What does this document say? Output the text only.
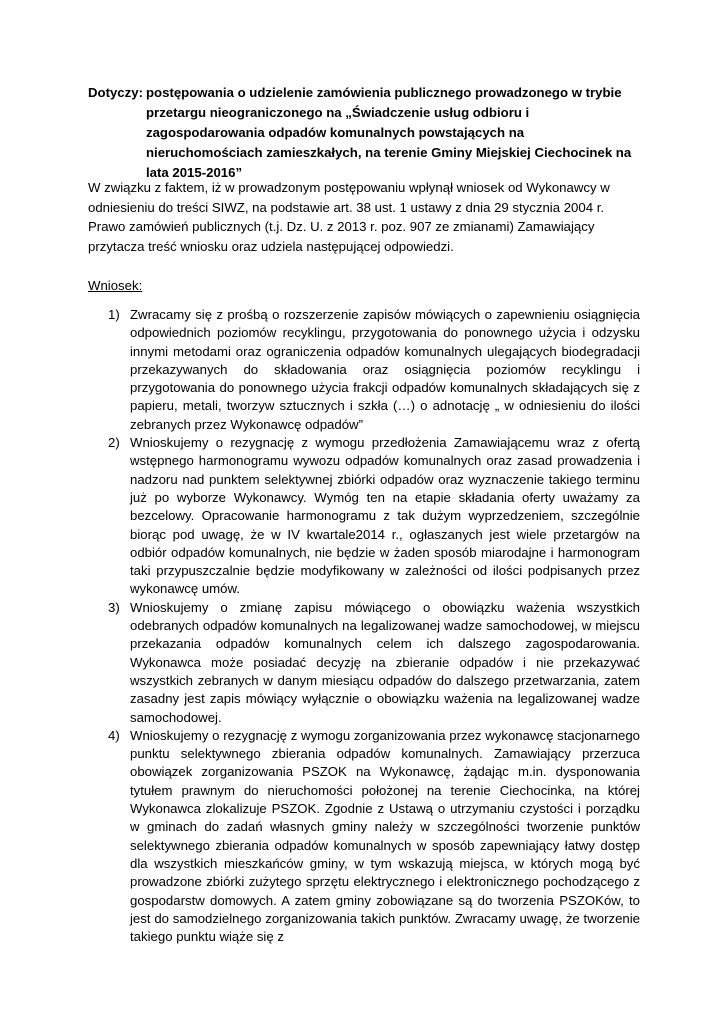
Dotyczy: postępowania o udzielenie zamówienia publicznego prowadzonego w trybie przetargu nieograniczonego na „Świadczenie usług odbioru i zagospodarowania odpadów komunalnych powstających na nieruchomościach zamieszkałych, na terenie Gminy Miejskiej Ciechocinek na lata 2015-2016”
W związku z faktem, iż w prowadzonym postępowaniu wpłynął wniosek od Wykonawcy w odniesieniu do treści SIWZ, na podstawie art. 38 ust. 1 ustawy z dnia 29 stycznia 2004 r. Prawo zamówień publicznych (t.j. Dz. U. z 2013 r. poz. 907 ze zmianami) Zamawiający przytacza treść wniosku oraz udziela następującej odpowiedzi.
Wniosek:
1) Zwracamy się z prośbą o rozszerzenie zapisów mówiących o zapewnieniu osiągnięcia odpowiednich poziomów recyklingu, przygotowania do ponownego użycia i odzysku innymi metodami oraz ograniczenia odpadów komunalnych ulegających biodegradacji przekazywanych do składowania oraz osiągnięcia poziomów recyklingu i przygotowania do ponownego użycia frakcji odpadów komunalnych składających się z papieru, metali, tworzyw sztucznych i szkła (…) o adnotację „ w odniesieniu do ilości zebranych przez Wykonawcę odpadów”
2) Wnioskujemy o rezygnację z wymogu przedłożenia Zamawiającemu wraz z ofertą wstępnego harmonogramu wywozu odpadów komunalnych oraz zasad prowadzenia i nadzoru nad punktem selektywnej zbiórki odpadów oraz wyznaczenie takiego terminu już po wyborze Wykonawcy. Wymóg ten na etapie składania oferty uważamy za bezcelowy. Opracowanie harmonogramu z tak dużym wyprzedzeniem, szczególnie biorąc pod uwagę, że w IV kwartale2014 r., ogłaszanych jest wiele przetargów na odbiór odpadów komunalnych, nie będzie w żaden sposób miarodajne i harmonogram taki przypuszczalnie będzie modyfikowany w zależności od ilości podpisanych przez wykonawcę umów.
3) Wnioskujemy o zmianę zapisu mówiącego o obowiązku ważenia wszystkich odebranych odpadów komunalnych na legalizowanej wadze samochodowej, w miejscu przekazania odpadów komunalnych celem ich dalszego zagospodarowania. Wykonawca może posiadać decyzję na zbieranie odpadów i nie przekazywać wszystkich zebranych w danym miesiącu odpadów do dalszego przetwarzania, zatem zasadny jest zapis mówiący wyłącznie o obowiązku ważenia na legalizowanej wadze samochodowej.
4) Wnioskujemy o rezygnację z wymogu zorganizowania przez wykonawcę stacjonarnego punktu selektywnego zbierania odpadów komunalnych. Zamawiający przerzuca obowiązek zorganizowania PSZOK na Wykonawcę, żądając m.in. dysponowania tytułem prawnym do nieruchomości położonej na terenie Ciechocinka, na której Wykonawca zlokalizuje PSZOK. Zgodnie z Ustawą o utrzymaniu czystości i porządku w gminach do zadań własnych gminy należy w szczególności tworzenie punktów selektywnego zbierania odpadów komunalnych w sposób zapewniający łatwy dostęp dla wszystkich mieszkańców gminy, w tym wskazują miejsca, w których mogą być prowadzone zbiórki zużytego sprzętu elektrycznego i elektronicznego pochodzącego z gospodarstw domowych. A zatem gminy zobowiązane są do tworzenia PSZOKów, to jest do samodzielnego zorganizowania takich punktów. Zwracamy uwagę, że tworzenie takiego punktu wiąże się z
